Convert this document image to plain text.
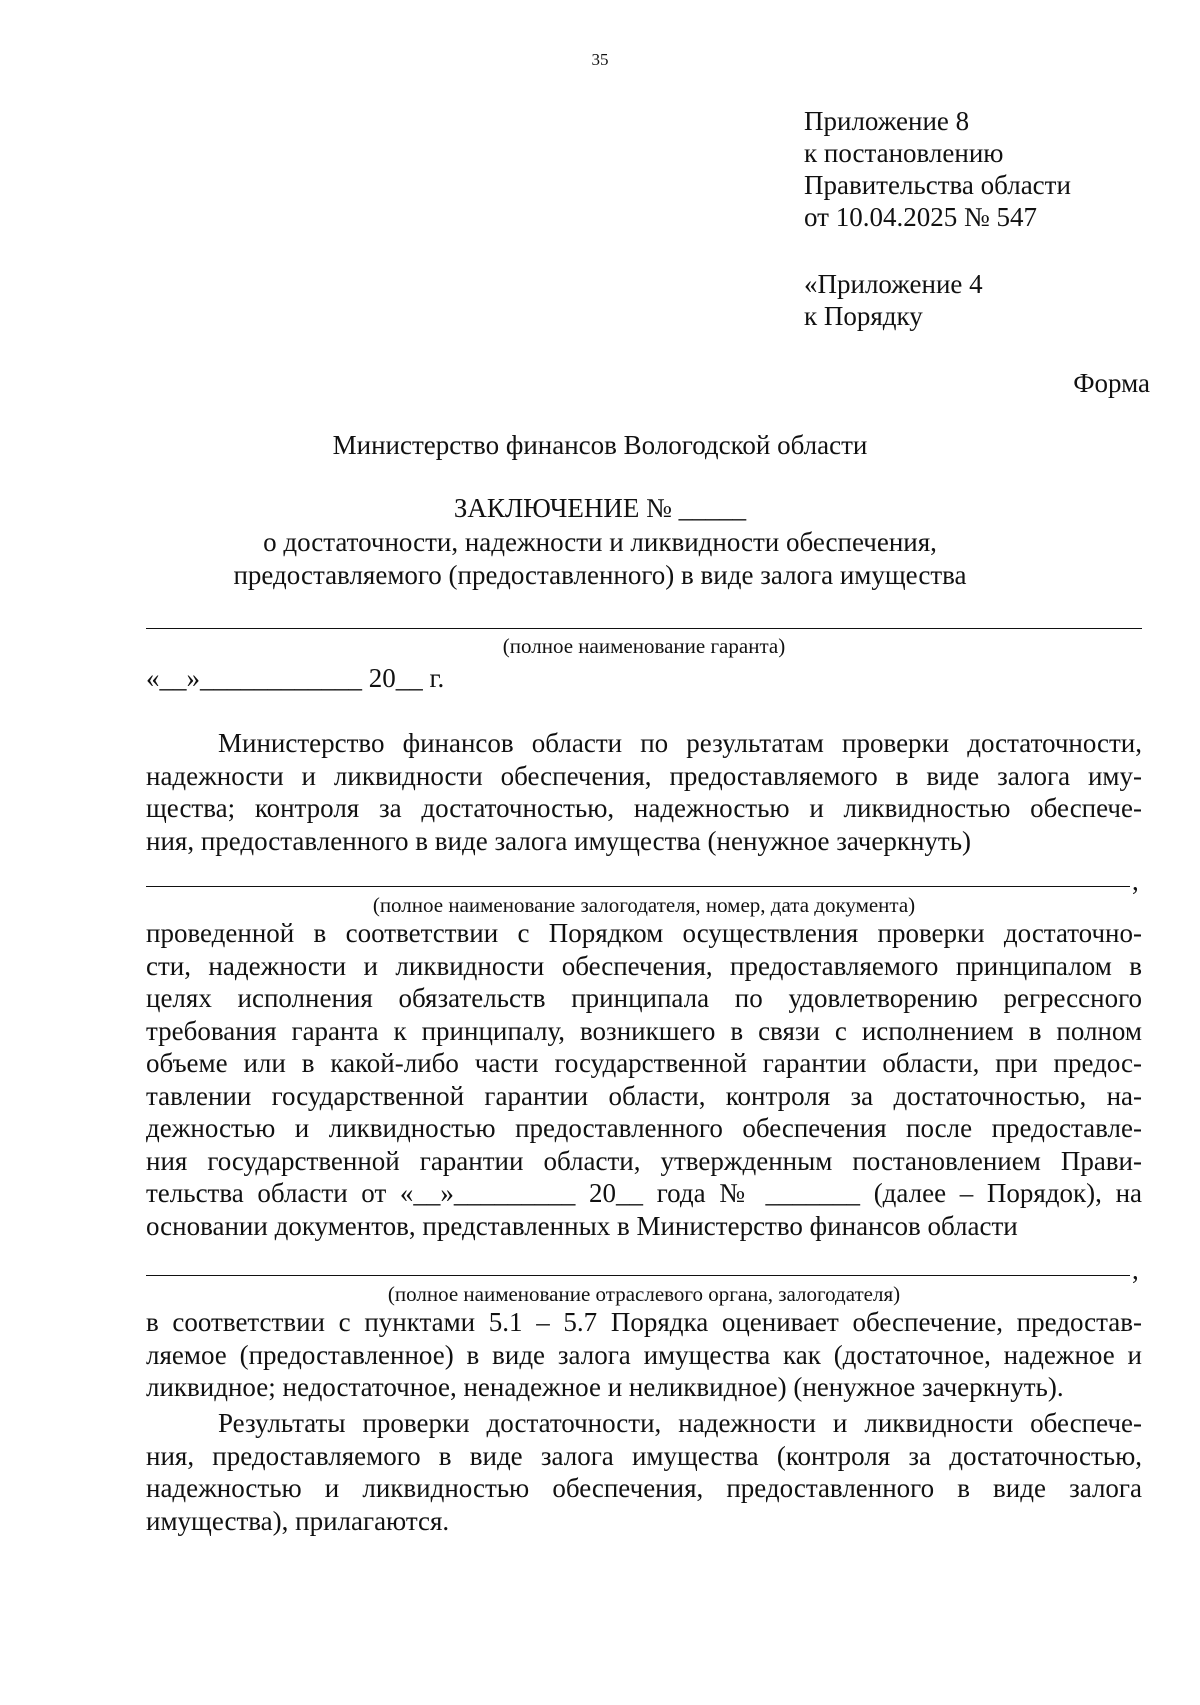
35
Приложение 8
к постановлению
Правительства области
от 10.04.2025 № 547
«Приложение 4
к Порядку
Форма
Министерство финансов Вологодской области
ЗАКЛЮЧЕНИЕ № _____
о достаточности, надежности и ликвидности обеспечения,
предоставляемого (предоставленного) в виде залога имущества
(полное наименование гаранта)
«__»____________ 20__ г.
Министерство финансов области по результатам проверки достаточности,
надежности и ликвидности обеспечения, предоставляемого в виде залога иму-
щества; контроля за достаточностью, надежностью и ликвидностью обеспече-
ния, предоставленного в виде залога имущества (ненужное зачеркнуть)
,
(полное наименование залогодателя, номер, дата документа)
проведенной в соответствии с Порядком осуществления проверки достаточно-
сти, надежности и ликвидности обеспечения, предоставляемого принципалом в
целях исполнения обязательств принципала по удовлетворению регрессного
требования гаранта к принципалу, возникшего в связи с исполнением в полном
объеме или в какой-либо части государственной гарантии области, при предос-
тавлении государственной гарантии области, контроля за достаточностью, на-
дежностью и ликвидностью предоставленного обеспечения после предоставле-
ния государственной гарантии области, утвержденным постановлением Прави-
тельства области от «__»_________ 20__ года № _______ (далее – Порядок), на
основании документов, представленных в Министерство финансов области
,
(полное наименование отраслевого органа, залогодателя)
в соответствии с пунктами 5.1 – 5.7 Порядка оценивает обеспечение, предостав-
ляемое (предоставленное) в виде залога имущества как (достаточное, надежное и
ликвидное; недостаточное, ненадежное и неликвидное) (ненужное зачеркнуть).
Результаты проверки достаточности, надежности и ликвидности обеспече-
ния, предоставляемого в виде залога имущества (контроля за достаточностью,
надежностью и ликвидностью обеспечения, предоставленного в виде залога
имущества), прилагаются.
